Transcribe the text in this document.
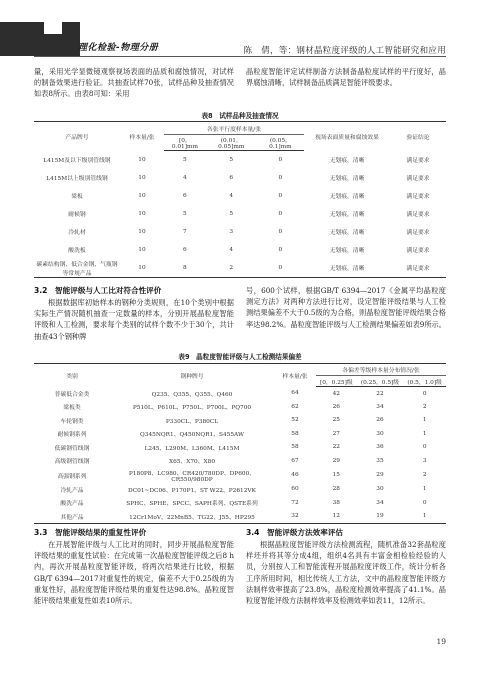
理化检验-物理分册	陈　倩，等：钢材晶粒度评级的人工智能研究和应用

量，采用光学显微镜观察视场表面的品质和腐蚀情况，对试样的制备效果进行验证。共抽查试样70张，试样品种及抽查情况如表8所示。由表8可知：采用

晶粒度智能评定试样制备方法制备晶粒度试样的平行度好，晶界腐蚀清晰，试样制备品质满足智能评级要求。

表8　试样品种及抽查情况

产品牌号	样本量/张	各张平行度样本量/张			视场表面质量和腐蚀效果	验证结论
		[0，0.01]mm	(0.01，0.05]mm	(0.05，0.1]mm		
L415M及以下级别管线钢	10	5	5	0	无划痕，清晰	满足要求
L415M以上级别管线钢	10	4	6	0	无划痕，清晰	满足要求
梁板	10	6	4	0	无划痕，清晰	满足要求
耐候钢	10	5	5	0	无划痕，清晰	满足要求
冷轧材	10	7	3	0	无划痕，清晰	满足要求
酸洗板	10	6	4	0	无划痕，清晰	满足要求
碳素结构钢、低合金钢、气瓶钢等常规产品	10	8	2	0	无划痕，清晰	满足要求

3.2　智能评级与人工比对符合性评价

根据数据库初始样本的钢种分类规则，在10个类别中根据实际生产情况随机抽查一定数量的样本，分别开展晶粒度智能评级和人工检测，要求每个类别的试样个数不少于30个，共计抽查43个钢种牌

号，600个试样，根据GB/T 6394—2017《金属平均晶粒度测定方法》对两种方法进行比对，设定智能评级结果与人工检测结果偏差不大于0.5级的为合格，则晶粒度智能评级结果合格率达98.2%。晶粒度智能评级与人工检测结果偏差如表9所示。

表9　晶粒度智能评级与人工检测结果偏差

类别	钢种牌号	样本量/张	各偏差等级样本量分布情况/张		
			[0，0.25]级	(0.25，0.5]级	(0.5，1.0]级
普碳低合金类	Q235、Q355、Q355、Q460	64	42	22	0
梁板类	P510L、P610L、P750L、P700L、PQ700	62	26	34	2
车轮钢类	P330CL、P380CL	52	25	26	1
耐候钢系列	Q345NQR1、Q450NQR1、S455AW	58	27	30	1
低碳钢管线钢	L245、L290M、L360M、L415M	58	22	36	0
高级钢管线钢	X65、X70、X80	67	29	35	3
高强钢系列	P180P8、LC980、CR420/780DP、DP600、CR550/980DP	46	15	29	2
冷轧产品	DC01~DC06、P170P1、ST W22、P2612VK	60	28	30	1
酸洗产品	SPHC、SPHE、SPCC、SAPH系列、QSTE系列	72	38	34	0
其他产品	12Cr1MoV、22MnB5、TG22、J55、HP295	32	12	19	1

3.3　智能评级结果的重复性评价

在开展智能评级与人工比对的同时，同步开展晶粒度智能评级结果的重复性试验：在完成第一次晶粒度智能评级之后8 h内，再次开展晶粒度智能评级，将两次结果进行比较，根据GB/T 6394—2017对重复性的规定，偏差不大于0.25级的为重复性好，晶粒度智能评级结果的重复性达98.8%。晶粒度智能评级结果重复性如表10所示。

3.4　智能评级方法效率评估

根据晶粒度智能评级方法检测流程，随机准备32套晶粒度样坯并将其等分成4组，组织4名具有丰富金相检验经验的人员，分别按人工和智能流程开展晶粒度评级工作，统计分析各工序所用时间，相比传统人工方法，文中的晶粒度智能评级方法制样效率提高了23.8%，晶粒度检测效率提高了41.1%。晶粒度智能评级方法制样效率及检测效率如表11，12所示。

19
